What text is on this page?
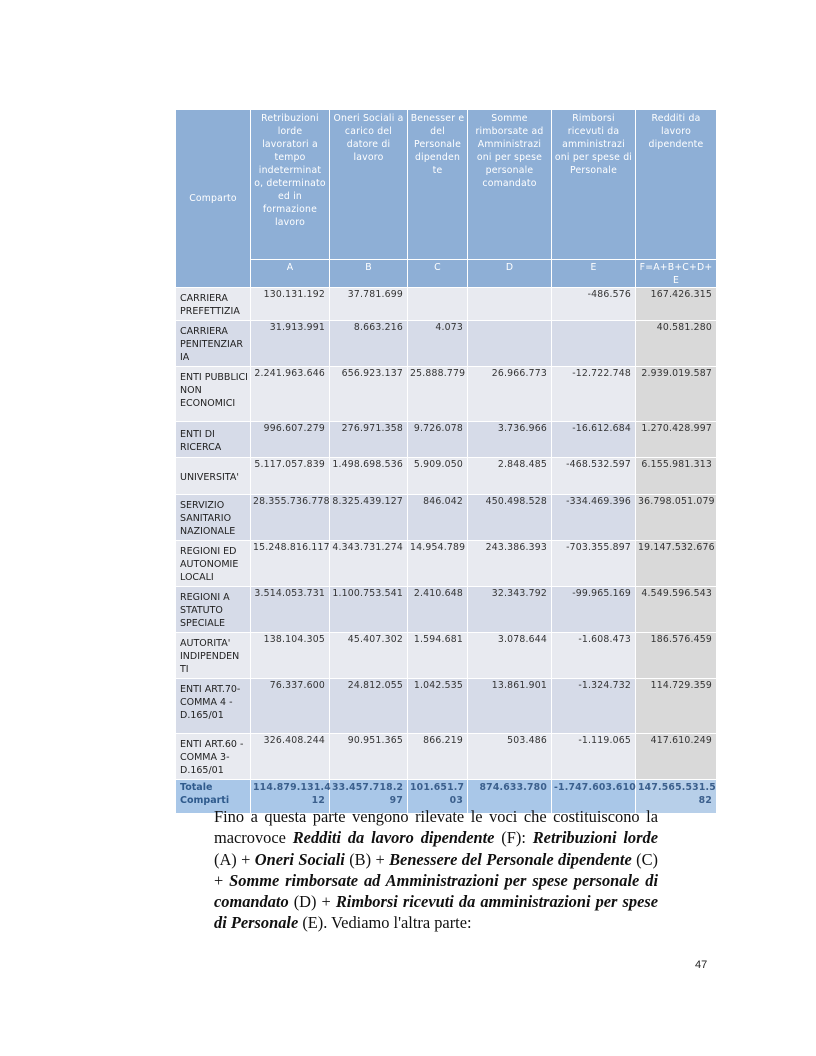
Comparto	Retribuzioni lorde lavoratori a tempo indeterminat o, determinato ed in formazione lavoro	Oneri Sociali a carico del datore di lavoro	Benesser e del Personale dipenden te	Somme rimborsate ad Amministrazi oni per spese personale comandato	Rimborsi ricevuti da amministrazi oni per spese di Personale	Redditi da lavoro dipendente
	A	B	C	D	E	F=A+B+C+D+ E
CARRIERA PREFETTIZIA	130.131.192	37.781.699			-486.576	167.426.315
CARRIERA PENITENZIAR IA	31.913.991	8.663.216	4.073			40.581.280
ENTI PUBBLICI NON ECONOMICI	2.241.963.646	656.923.137	25.888.779	26.966.773	-12.722.748	2.939.019.587
ENTI DI RICERCA	996.607.279	276.971.358	9.726.078	3.736.966	-16.612.684	1.270.428.997
UNIVERSITA'	5.117.057.839	1.498.698.536	5.909.050	2.848.485	-468.532.597	6.155.981.313
SERVIZIO SANITARIO NAZIONALE	28.355.736.778	8.325.439.127	846.042	450.498.528	-334.469.396	36.798.051.079
REGIONI ED AUTONOMIE LOCALI	15.248.816.117	4.343.731.274	14.954.789	243.386.393	-703.355.897	19.147.532.676
REGIONI A STATUTO SPECIALE	3.514.053.731	1.100.753.541	2.410.648	32.343.792	-99.965.169	4.549.596.543
AUTORITA' INDIPENDEN TI	138.104.305	45.407.302	1.594.681	3.078.644	-1.608.473	186.576.459
ENTI ART.70- COMMA 4 - D.165/01	76.337.600	24.812.055	1.042.535	13.861.901	-1.324.732	114.729.359
ENTI ART.60 -COMMA 3- D.165/01	326.408.244	90.951.365	866.219	503.486	-1.119.065	417.610.249
Totale Comparti	114.879.131.4 12	33.457.718.2 97	101.651.7 03	874.633.780	-1.747.603.610	147.565.531.5 82

Fino a questa parte vengono rilevate le voci che costituiscono la macrovoce Redditi da lavoro dipendente (F): Retribuzioni lorde (A) + Oneri Sociali (B) + Benessere del Personale dipendente (C) + Somme rimborsate ad Amministrazioni per spese personale di comandato (D) + Rimborsi ricevuti da amministrazioni per spese di Personale (E). Vediamo l'altra parte:

47
